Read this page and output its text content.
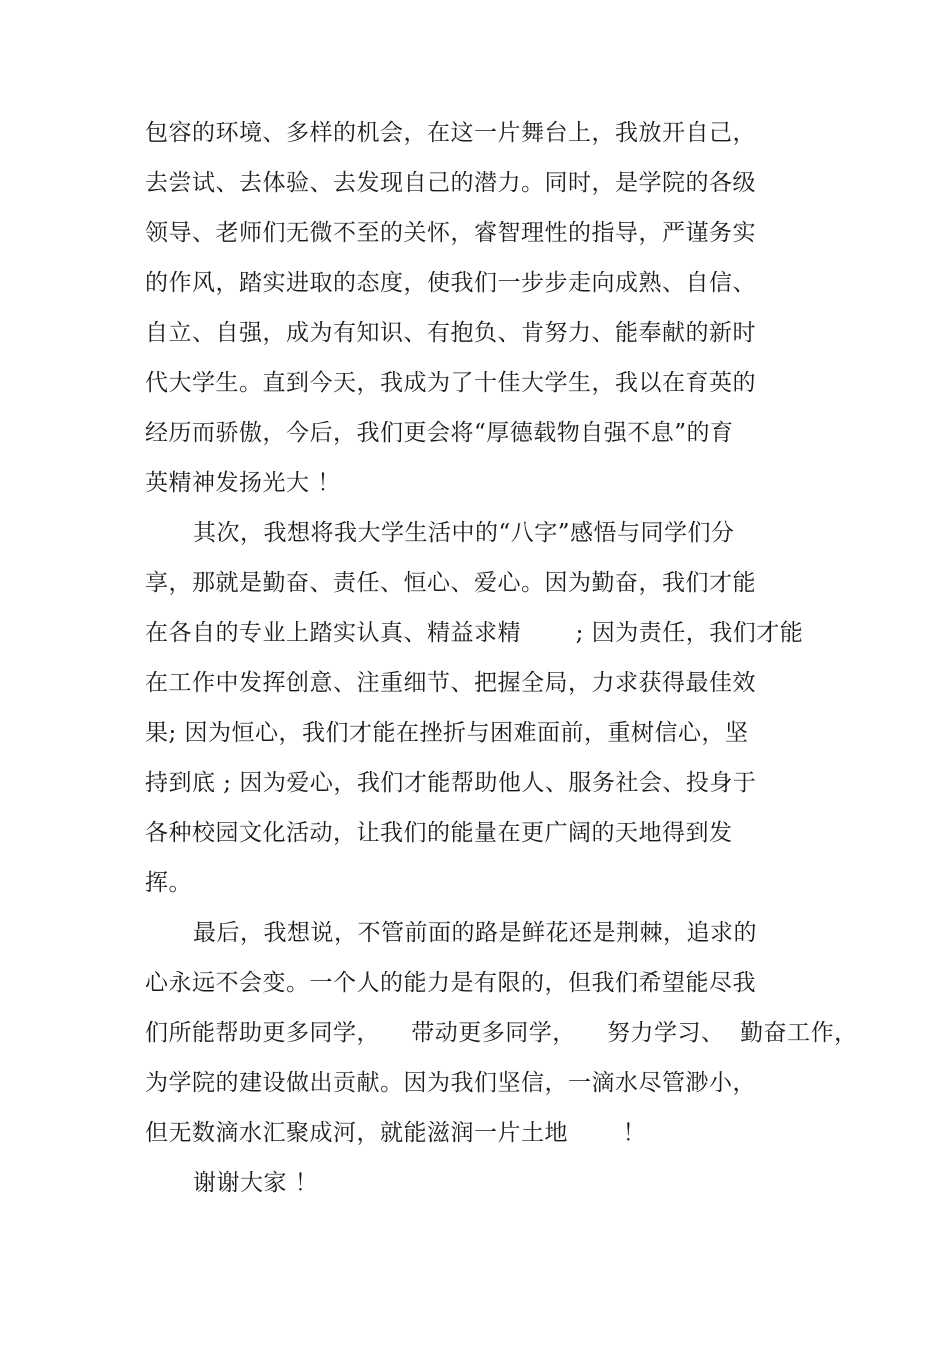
包容的环境、多样的机会，在这一片舞台上，我放开自己，
去尝试、去体验、去发现自己的潜力。同时，是学院的各级
领导、老师们无微不至的关怀，睿智理性的指导，严谨务实
的作风，踏实进取的态度，使我们一步步走向成熟、自信、
自立、自强，成为有知识、有抱负、肯努力、能奉献的新时
代大学生。直到今天，我成为了十佳大学生，我以在育英的
经历而骄傲，今后，我们更会将“厚德载物自强不息”的育
英精神发扬光大 ！
其次，我想将我大学生活中的“八字”感悟与同学们分
享，那就是勤奋、责任、恒心、爱心。因为勤奋，我们才能
在各自的专业上踏实认真、精益求精       ; 因为责任，我们才能
在工作中发挥创意、注重细节、把握全局，力求获得最佳效
果; 因为恒心，我们才能在挫折与困难面前，重树信心，坚
持到底 ; 因为爱心，我们才能帮助他人、服务社会、投身于
各种校园文化活动，让我们的能量在更广阔的天地得到发
挥。
最后，我想说，不管前面的路是鲜花还是荆棘，追求的
心永远不会变。一个人的能力是有限的，但我们希望能尽我
们所能帮助更多同学，    带动更多同学，    努力学习、  勤奋工作，
为学院的建设做出贡献。因为我们坚信，一滴水尽管渺小，
但无数滴水汇聚成河，就能滋润一片土地       ！
谢谢大家 ！
